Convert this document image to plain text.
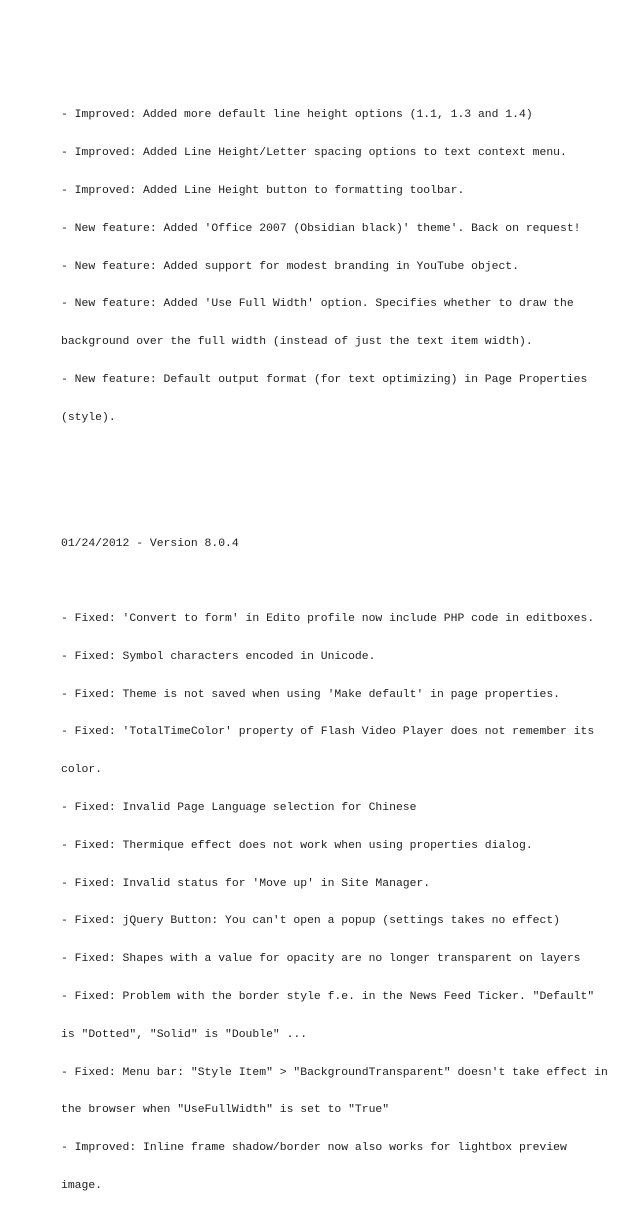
- Improved: Added more default line height options (1.1, 1.3 and 1.4)

- Improved: Added Line Height/Letter spacing options to text context menu.

- Improved: Added Line Height button to formatting toolbar.

- New feature: Added 'Office 2007 (Obsidian black)' theme'. Back on request!

- New feature: Added support for modest branding in YouTube object.

- New feature: Added 'Use Full Width' option. Specifies whether to draw the

background over the full width (instead of just the text item width).

- New feature: Default output format (for text optimizing) in Page Properties

(style).

01/24/2012 - Version 8.0.4

- Fixed: 'Convert to form' in Edito profile now include PHP code in editboxes.

- Fixed: Symbol characters encoded in Unicode.

- Fixed: Theme is not saved when using 'Make default' in page properties.

- Fixed: 'TotalTimeColor' property of Flash Video Player does not remember its

color.

- Fixed: Invalid Page Language selection for Chinese

- Fixed: Thermique effect does not work when using properties dialog.

- Fixed: Invalid status for 'Move up' in Site Manager.

- Fixed: jQuery Button: You can't open a popup (settings takes no effect)

- Fixed: Shapes with a value for opacity are no longer transparent on layers

- Fixed: Problem with the border style f.e. in the News Feed Ticker. "Default"

is "Dotted", "Solid" is "Double" ...

- Fixed: Menu bar: "Style Item" > "BackgroundTransparent" doesn't take effect in

the browser when "UseFullWidth" is set to "True"

- Improved: Inline frame shadow/border now also works for lightbox preview

image.
